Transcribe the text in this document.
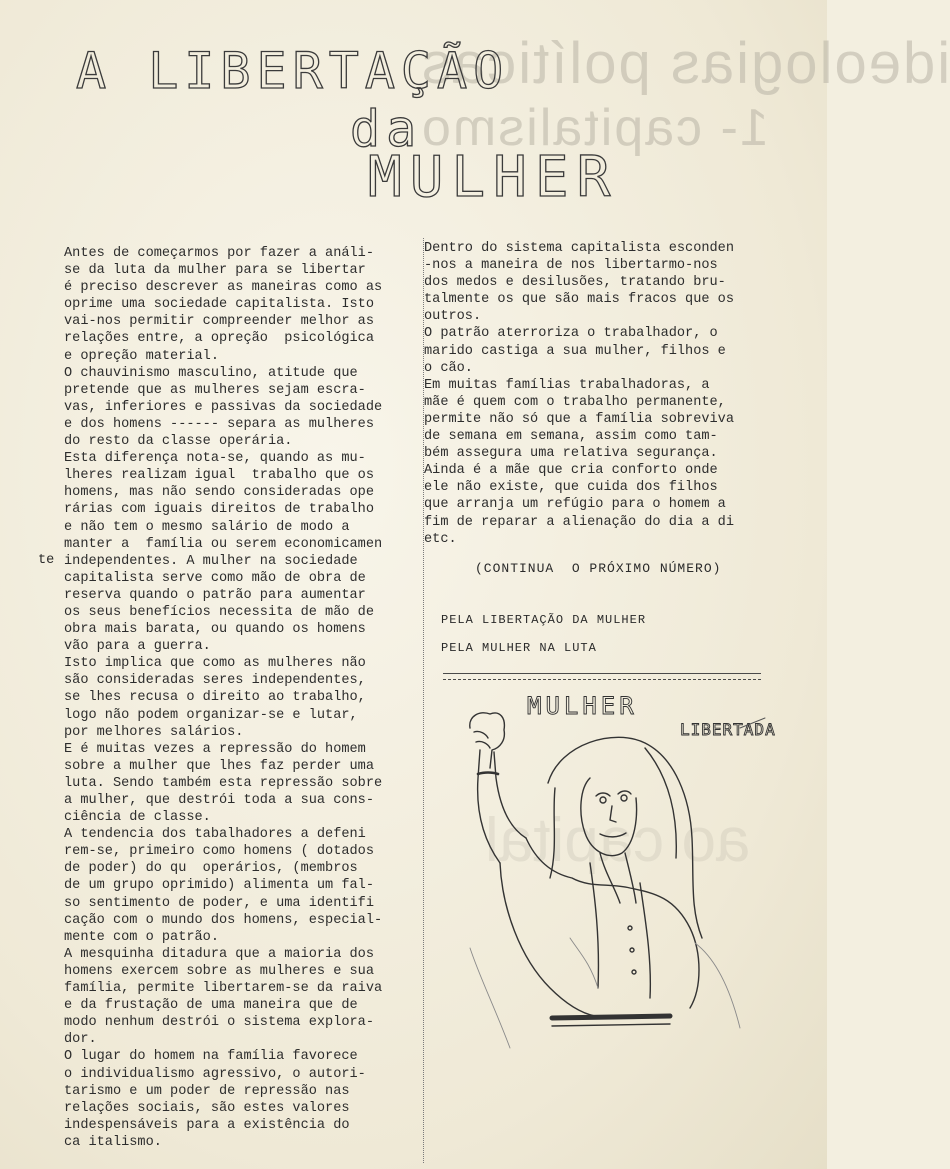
ideologias políticas
1- capitalismo
ao capital
A LIBERTAÇÃO
da
MULHER

Antes de começarmos por fazer a análi-

se da luta da mulher para se libertar

é preciso descrever as maneiras como as

oprime uma sociedade capitalista. Isto

vai-nos permitir compreender melhor as

relações entre, a opreção  psicológica

e opreção material.

O chauvinismo masculino, atitude que

pretende que as mulheres sejam escra-

vas, inferiores e passivas da sociedade

e dos homens ------ separa as mulheres

do resto da classe operária.

Esta diferença nota-se, quando as mu-

lheres realizam igual  trabalho que os

homens, mas não sendo consideradas ope

rárias com iguais direitos de trabalho

e não tem o mesmo salário de modo a

manter a  família ou serem economicamen

independentes. A mulher na sociedade

capitalista serve como mão de obra de

reserva quando o patrão para aumentar

os seus benefícios necessita de mão de

obra mais barata, ou quando os homens

vão para a guerra.

Isto implica que como as mulheres não

são consideradas seres independentes,

se lhes recusa o direito ao trabalho,

logo não podem organizar-se e lutar,

por melhores salários.

E é muitas vezes a repressão do homem

sobre a mulher que lhes faz perder uma

luta. Sendo também esta repressão sobre

a mulher, que destrói toda a sua cons-

ciência de classe.

A tendencia dos tabalhadores a defeni

rem-se, primeiro como homens ( dotados

de poder) do qu  operários, (membros

de um grupo oprimido) alimenta um fal-

so sentimento de poder, e uma identifi

cação com o mundo dos homens, especial-

mente com o patrão.

A mesquinha ditadura que a maioria dos

homens exercem sobre as mulheres e sua

família, permite libertarem-se da raiva

e da frustação de uma maneira que de

modo nenhum destrói o sistema explora-

dor.

O lugar do homem na família favorece

o individualismo agressivo, o autori-

tarismo e um poder de repressão nas

relações sociais, são estes valores

indespensáveis para a existência do

ca italismo.

te

Dentro do sistema capitalista esconden

-nos a maneira de nos libertarmo-nos

dos medos e desilusões, tratando bru-

talmente os que são mais fracos que os

outros.

O patrão aterroriza o trabalhador, o

marido castiga a sua mulher, filhos e

o cão.

Em muitas famílias trabalhadoras, a

mãe é quem com o trabalho permanente,

permite não só que a família sobreviva

de semana em semana, assim como tam-

bém assegura uma relativa segurança.

Ainda é a mãe que cria conforto onde

ele não existe, que cuida dos filhos

que arranja um refúgio para o homem a

fim de reparar a alienação do dia a di

etc.

(CONTINUA  O PRÓXIMO NÚMERO)
PELA LIBERTAÇÃO DA MULHER
PELA MULHER NA LUTA
MULHER
LIBERTADA
